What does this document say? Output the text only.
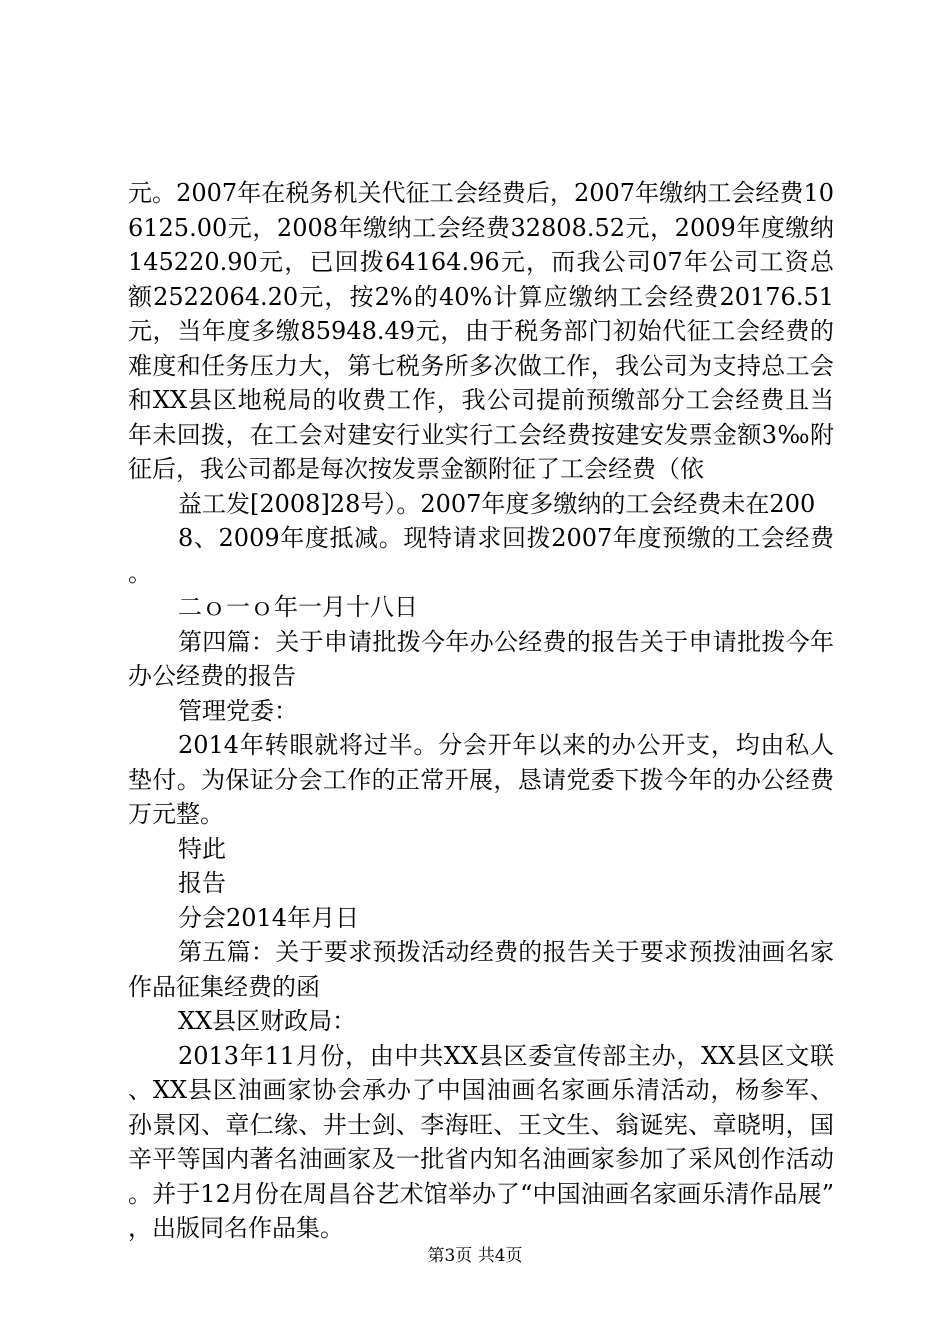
元。2007年在税务机关代征工会经费后，2007年缴纳工会经费106125.00元，2008年缴纳工会经费32808.52元，2009年度缴纳145220.90元，已回拨64164.96元，而我公司07年公司工资总额2522064.20元，按2%的40%计算应缴纳工会经费20176.51元，当年度多缴85948.49元，由于税务部门初始代征工会经费的难度和任务压力大，第七税务所多次做工作，我公司为支持总工会和XX县区地税局的收费工作，我公司提前预缴部分工会经费且当年未回拨，在工会对建安行业实行工会经费按建安发票金额3‰附征后，我公司都是每次按发票金额附征了工会经费（依

益工发[2008]28号）。2007年度多缴纳的工会经费未在200

8、2009年度抵减。现特请求回拨2007年度预缴的工会经费。

二ｏ一ｏ年一月十八日

第四篇：关于申请批拨今年办公经费的报告关于申请批拨今年办公经费的报告

管理党委：

2014年转眼就将过半。分会开年以来的办公开支，均由私人垫付。为保证分会工作的正常开展，恳请党委下拨今年的办公经费万元整。

特此

报告

分会2014年月日

第五篇：关于要求预拨活动经费的报告关于要求预拨油画名家作品征集经费的函

XX县区财政局：

2013年11月份，由中共XX县区委宣传部主办，XX县区文联、XX县区油画家协会承办了中国油画名家画乐清活动，杨参军、孙景冈、章仁缘、井士剑、李海旺、王文生、翁诞宪、章晓明，国辛平等国内著名油画家及一批省内知名油画家参加了采风创作活动。并于12月份在周昌谷艺术馆举办了“中国油画名家画乐清作品展”，出版同名作品集。

第3页 共4页
